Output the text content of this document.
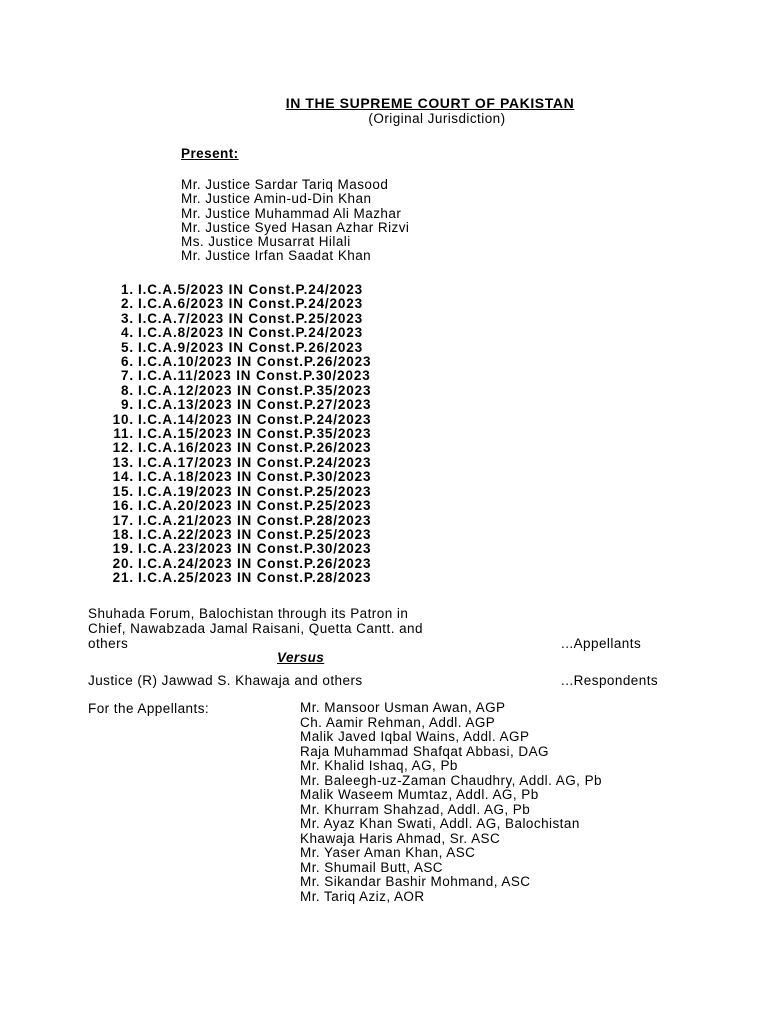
IN THE SUPREME COURT OF PAKISTAN
(Original Jurisdiction)
Present:
Mr. Justice Sardar Tariq Masood
Mr. Justice Amin-ud-Din Khan
Mr. Justice Muhammad Ali Mazhar
Mr. Justice Syed Hasan Azhar Rizvi
Ms. Justice Musarrat Hilali
Mr. Justice Irfan Saadat Khan
1. I.C.A.5/2023 IN Const.P.24/2023
2. I.C.A.6/2023 IN Const.P.24/2023
3. I.C.A.7/2023 IN Const.P.25/2023
4. I.C.A.8/2023 IN Const.P.24/2023
5. I.C.A.9/2023 IN Const.P.26/2023
6. I.C.A.10/2023 IN Const.P.26/2023
7. I.C.A.11/2023 IN Const.P.30/2023
8. I.C.A.12/2023 IN Const.P.35/2023
9. I.C.A.13/2023 IN Const.P.27/2023
10. I.C.A.14/2023 IN Const.P.24/2023
11. I.C.A.15/2023 IN Const.P.35/2023
12. I.C.A.16/2023 IN Const.P.26/2023
13. I.C.A.17/2023 IN Const.P.24/2023
14. I.C.A.18/2023 IN Const.P.30/2023
15. I.C.A.19/2023 IN Const.P.25/2023
16. I.C.A.20/2023 IN Const.P.25/2023
17. I.C.A.21/2023 IN Const.P.28/2023
18. I.C.A.22/2023 IN Const.P.25/2023
19. I.C.A.23/2023 IN Const.P.30/2023
20. I.C.A.24/2023 IN Const.P.26/2023
21. I.C.A.25/2023 IN Const.P.28/2023
Shuhada Forum, Balochistan through its Patron in
Chief, Nawabzada Jamal Raisani, Quetta Cantt. and
others	...Appellants
Versus
Justice (R) Jawwad S. Khawaja and others	...Respondents
For the Appellants:	Mr. Mansoor Usman Awan, AGP
Ch. Aamir Rehman, Addl. AGP
Malik Javed Iqbal Wains, Addl. AGP
Raja Muhammad Shafqat Abbasi, DAG
Mr. Khalid Ishaq, AG, Pb
Mr. Baleegh-uz-Zaman Chaudhry, Addl. AG, Pb
Malik Waseem Mumtaz, Addl. AG, Pb
Mr. Khurram Shahzad, Addl. AG, Pb
Mr. Ayaz Khan Swati, Addl. AG, Balochistan
Khawaja Haris Ahmad, Sr. ASC
Mr. Yaser Aman Khan, ASC
Mr. Shumail Butt, ASC
Mr. Sikandar Bashir Mohmand, ASC
Mr. Tariq Aziz, AOR
